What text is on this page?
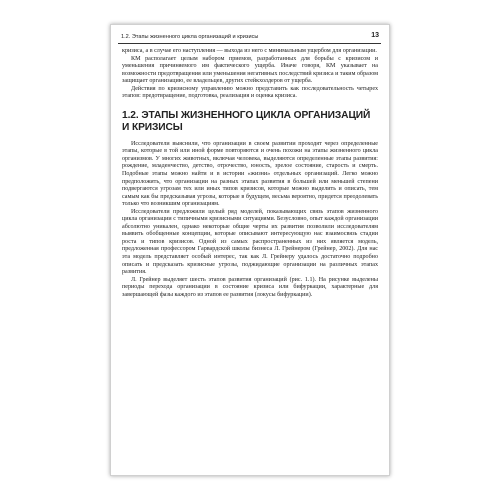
1.2. Этапы жизненного цикла организаций и кризисы	13

кризиса, а в случае его наступления — выхода из него с минимальным ущербом для организации.

КМ располагает целым набором приемов, разработанных для борьбы с кризисом и уменьшения причиняемого им фактического ущерба. Иначе говоря, КМ указывает на возможности предотвращения или уменьшения негативных последствий кризиса и таким образом защищает организацию, ее владельцев, других стейкхолдеров от ущерба.

Действия по кризисному управлению можно представить как последовательность четырех этапов: предотвращение, подготовка, реализация и оценка кризиса.

1.2. ЭТАПЫ ЖИЗНЕННОГО ЦИКЛА ОРГАНИЗАЦИЙ
И КРИЗИСЫ

Исследователи выяснили, что организации в своем развитии проходят через определенные этапы, которые в той или иной форме повторяются и очень похожи на этапы жизненного цикла организмов. У многих животных, включая человека, выделяются определенные этапы развития: рождение, младенчество, детство, отрочество, юность, зрелое состояние, старость и смерть. Подобные этапы можно найти и в истории «жизни» отдельных организаций. Легко можно предположить, что организации на разных этапах развития в большей или меньшей степени подвергаются угрозам тех или иных типов кризисов, которые можно выделить и описать, тем самым как бы предсказывая угрозы, которые в будущем, весьма вероятно, придется преодолевать только что возникшим организациям.

Исследователи предложили целый ряд моделей, показывающих связь этапов жизненного цикла организации с типичными кризисными ситуациями. Безусловно, опыт каждой организации абсолютно уникален, однако некоторые общие черты их развития позволили исследователям выявить обобщенные концепции, которые описывают интересующую нас взаимосвязь стадии роста и типов кризисов. Одной из самых распространенных из них является модель, предложенная профессором Гарвардской школы бизнеса Л. Грейнером (Грейнер, 2002). Для нас эта модель представляет особый интерес, так как Л. Грейнеру удалось достаточно подробно описать и предсказать кризисные угрозы, поджидающие организации на различных этапах развития.

Л. Грейнер выделяет шесть этапов развития организаций (рис. 1.1). На рисунке выделены периоды перехода организации в состояние кризиса или бифуркации, характерные для завершающей фазы каждого из этапов ее развития (локусы бифуркации).
